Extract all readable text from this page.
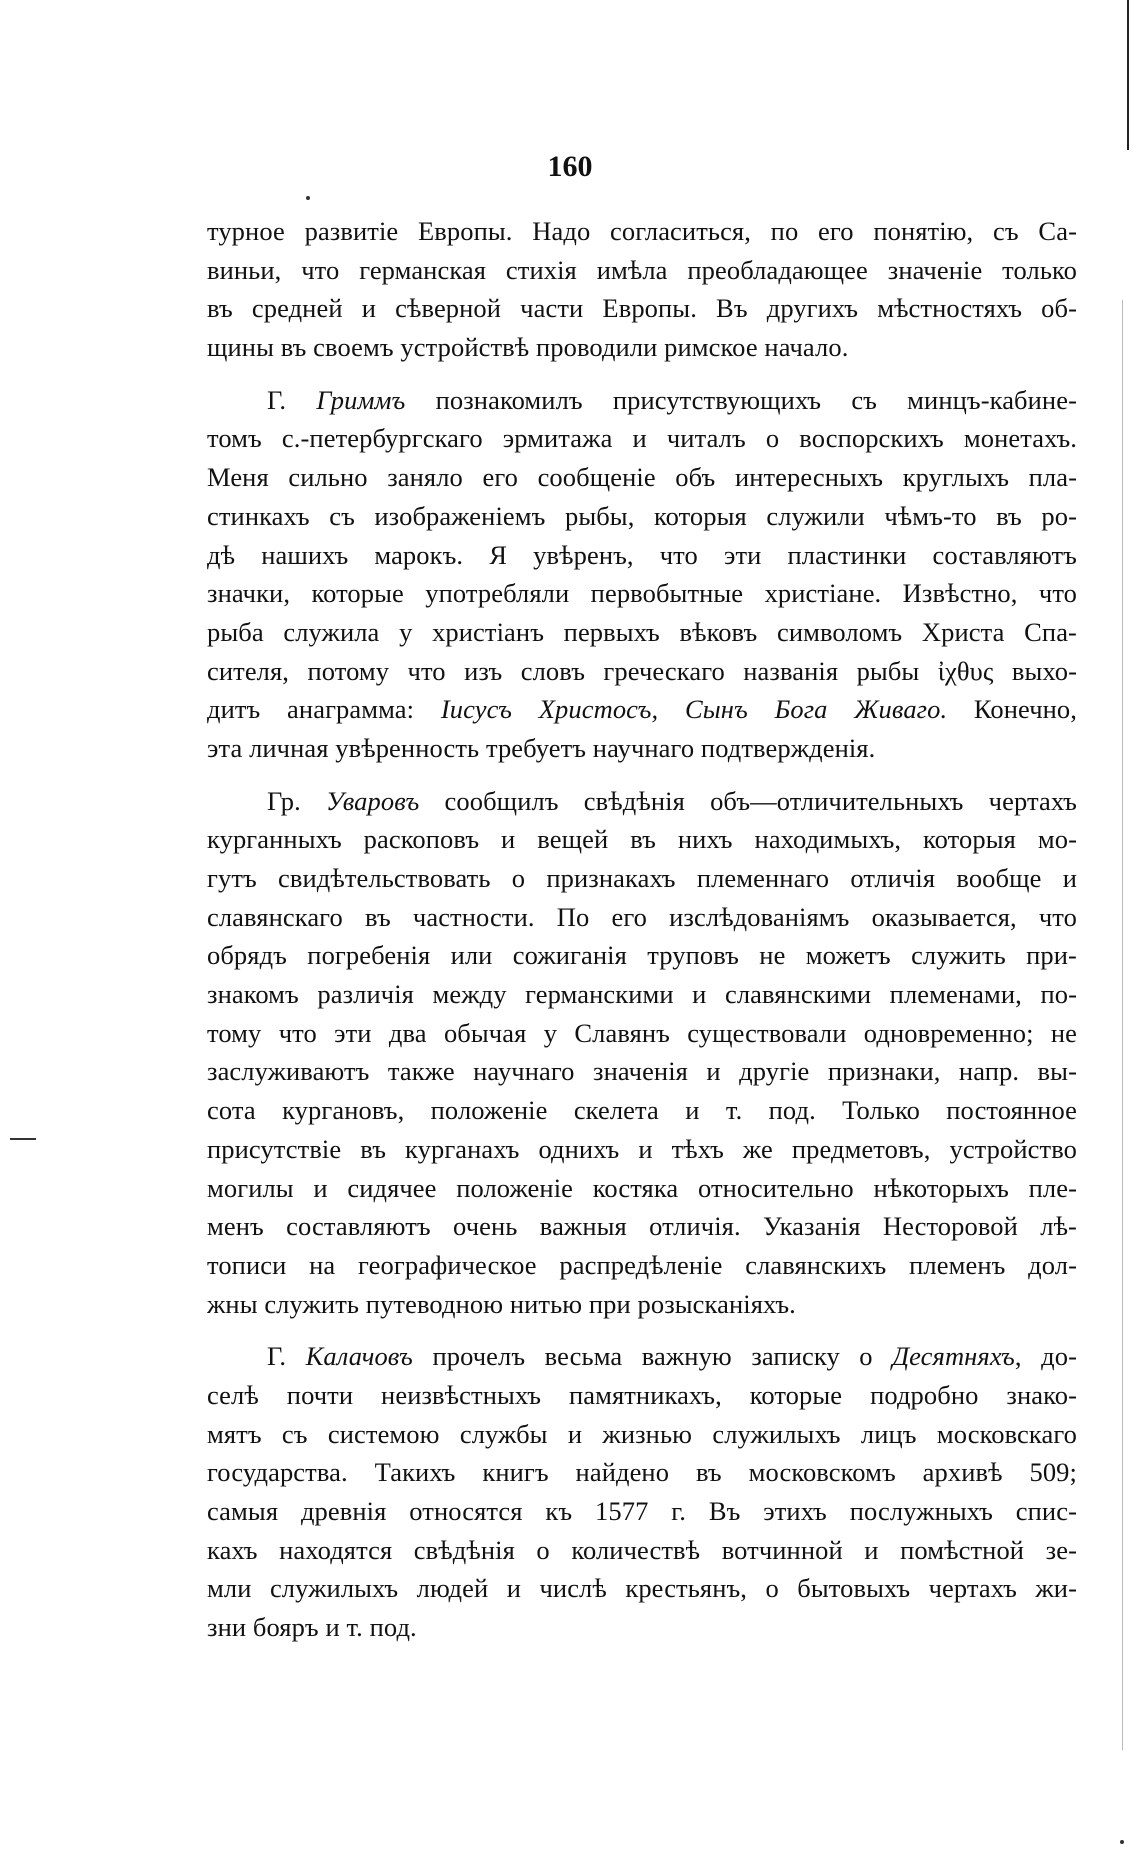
160
турное развитіе Европы. Надо согласиться, по его понятію, съ Са-
виньи, что германская стихія имѣла преобладающее значеніе только
въ средней и сѣверной части Европы. Въ другихъ мѣстностяхъ об-
щины въ своемъ устройствѣ проводили римское начало.
Г. Гриммъ познакомилъ присутствующихъ съ минцъ-кабине-
томъ с.-петербургскаго эрмитажа и читалъ о воспорскихъ монетахъ.
Меня сильно заняло его сообщеніе объ интересныхъ круглыхъ пла-
стинкахъ съ изображеніемъ рыбы, которыя служили чѣмъ-то въ ро-
дѣ нашихъ марокъ. Я увѣренъ, что эти пластинки составляютъ
значки, которые употребляли первобытные христіане. Извѣстно, что
рыба служила у христіанъ первыхъ вѣковъ символомъ Христа Спа-
сителя, потому что изъ словъ греческаго названія рыбы ἰχθυς выхо-
дитъ анаграмма: Іисусъ Христосъ, Сынъ Бога Живаго. Конечно,
эта личная увѣренность требуетъ научнаго подтвержденія.
Гр. Уваровъ сообщилъ свѣдѣнія объ—отличительныхъ чертахъ
курганныхъ раскоповъ и вещей въ нихъ находимыхъ, которыя мо-
гутъ свидѣтельствовать о признакахъ племеннаго отличія вообще и
славянскаго въ частности. По его изслѣдованіямъ оказывается, что
обрядъ погребенія или сожиганія труповъ не можетъ служить при-
знакомъ различія между германскими и славянскими племенами, по-
тому что эти два обычая у Славянъ существовали одновременно; не
заслуживаютъ также научнаго значенія и другіе признаки, напр. вы-
сота кургановъ, положеніе скелета и т. под. Только постоянное
присутствіе въ курганахъ однихъ и тѣхъ же предметовъ, устройство
могилы и сидячее положеніе костяка относительно нѣкоторыхъ пле-
менъ составляютъ очень важныя отличія. Указанія Несторовой лѣ-
тописи на географическое распредѣленіе славянскихъ племенъ дол-
жны служить путеводною нитью при розысканіяхъ.
Г. Калачовъ прочелъ весьма важную записку о Десятняхъ, до-
селѣ почти неизвѣстныхъ памятникахъ, которые подробно знако-
мятъ съ системою службы и жизнью служилыхъ лицъ московскаго
государства. Такихъ книгъ найдено въ московскомъ архивѣ 509;
самыя древнія относятся къ 1577 г. Въ этихъ послужныхъ спис-
кахъ находятся свѣдѣнія о количествѣ вотчинной и помѣстной зе-
мли служилыхъ людей и числѣ крестьянъ, о бытовыхъ чертахъ жи-
зни бояръ и т. под.
